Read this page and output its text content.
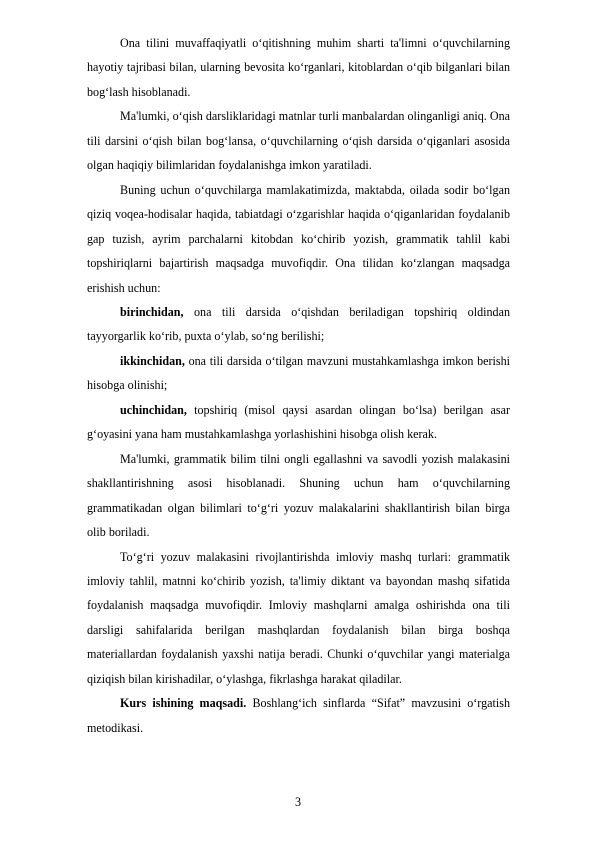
Ona tilini muvaffaqiyatli o‘qitishning muhim sharti ta'limni o‘quvchilarning hayotiy tajribasi bilan, ularning bevosita ko‘rganlari, kitoblardan o‘qib bilganlari bilan bog‘lash hisoblanadi.

Ma'lumki, o‘qish darsliklaridagi matnlar turli manbalardan olinganligi aniq. Ona tili darsini o‘qish bilan bog‘lansa, o‘quvchilarning o‘qish darsida o‘qiganlari asosida olgan haqiqiy bilimlaridan foydalanishga imkon yaratiladi.

Buning uchun o‘quvchilarga mamlakatimizda, maktabda, oilada sodir bo‘lgan qiziq voqea-hodisalar haqida, tabiatdagi o‘zgarishlar haqida o‘qiganlaridan foydalanib gap tuzish, ayrim parchalarni kitobdan ko‘chirib yozish, grammatik tahlil kabi topshiriqlarni bajartirish maqsadga muvofiqdir. Ona tilidan ko‘zlangan maqsadga erishish uchun:

birinchidan, ona tili darsida o‘qishdan beriladigan topshiriq oldindan tayyorgarlik ko‘rib, puxta o‘ylab, so‘ng berilishi;

ikkinchidan, ona tili darsida o‘tilgan mavzuni mustahkamlashga imkon berishi hisobga olinishi;

uchinchidan, topshiriq (misol qaysi asardan olingan bo‘lsa) berilgan asar g‘oyasini yana ham mustahkamlashga yorlashishini hisobga olish kerak.

Ma'lumki, grammatik bilim tilni ongli egallashni va savodli yozish malakasini shakllantirishning asosi hisoblanadi. Shuning uchun ham o‘quvchilarning grammatikadan olgan bilimlari to‘g‘ri yozuv malakalarini shakllantirish bilan birga olib boriladi.

To‘g‘ri yozuv malakasini rivojlantirishda imloviy mashq turlari: grammatik imloviy tahlil, matnni ko‘chirib yozish, ta'limiy diktant va bayondan mashq sifatida foydalanish maqsadga muvofiqdir. Imloviy mashqlarni amalga oshirishda ona tili darsligi sahifalarida berilgan mashqlardan foydalanish bilan birga boshqa materiallardan foydalanish yaxshi natija beradi. Chunki o‘quvchilar yangi materialga qiziqish bilan kirishadilar, o‘ylashga, fikrlashga harakat qiladilar.

Kurs ishining maqsadi. Boshlang‘ich sinflarda “Sifat” mavzusini o‘rgatish metodikasi.

3
